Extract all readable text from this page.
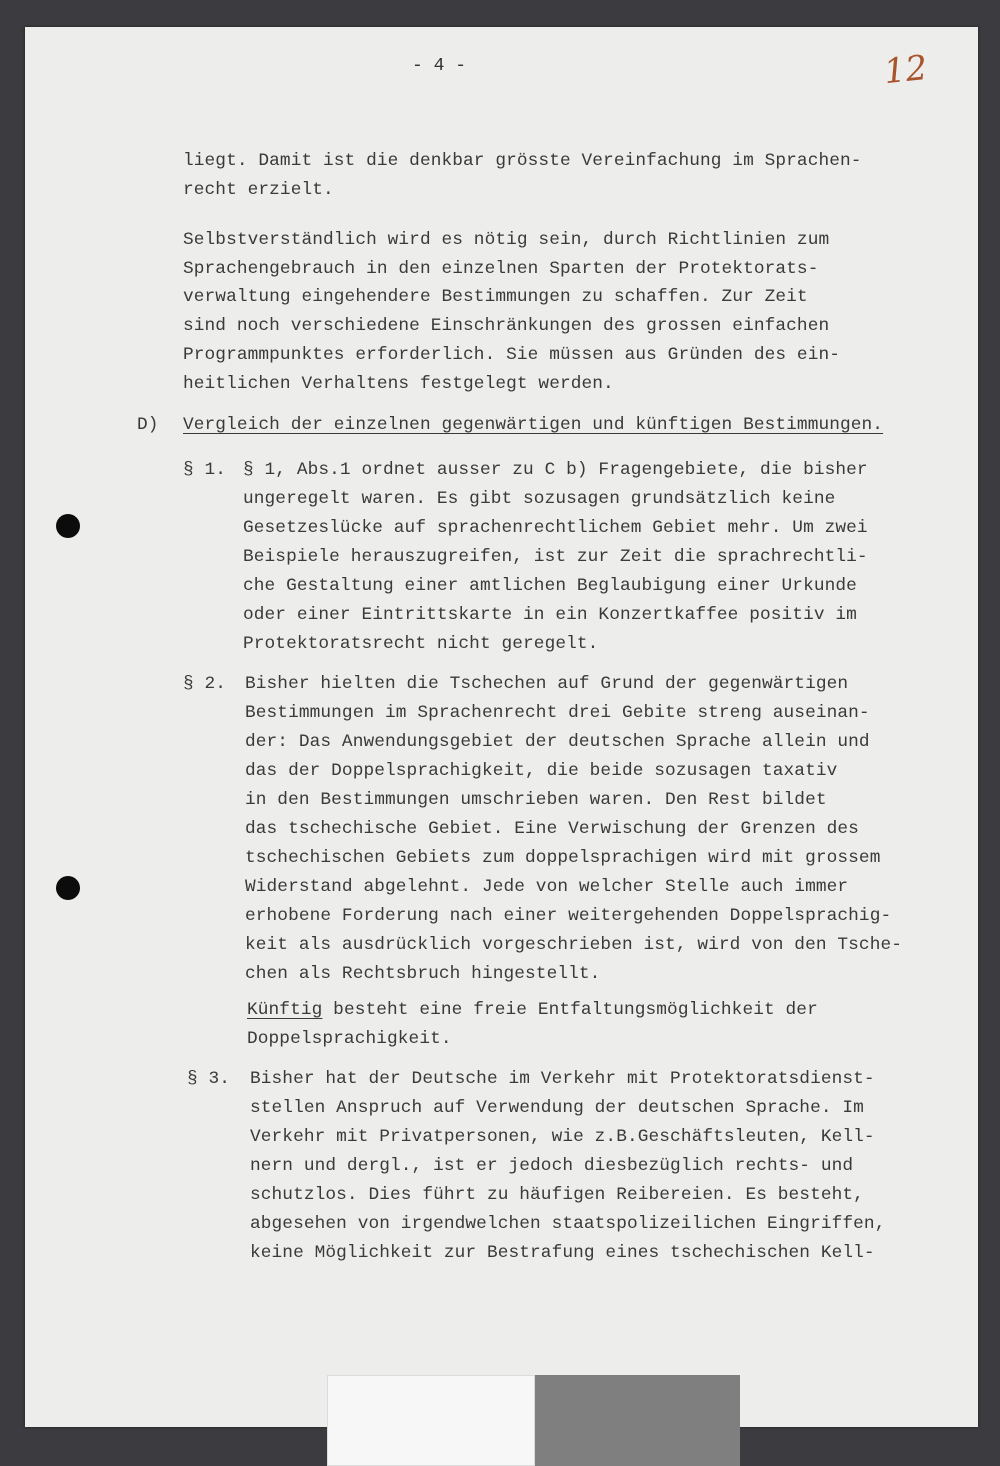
- 4 -	12
liegt. Damit ist die denkbar grösste Vereinfachung im Sprachen-
recht erzielt.
Selbstverständlich wird es nötig sein, durch Richtlinien zum
Sprachengebrauch in den einzelnen Sparten der Protektorats-
verwaltung eingehendere Bestimmungen zu schaffen. Zur Zeit
sind noch verschiedene Einschränkungen des grossen einfachen
Programmpunktes erforderlich. Sie müssen aus Gründen des ein-
heitlichen Verhaltens festgelegt werden.
D) Vergleich der einzelnen gegenwärtigen und künftigen Bestimmungen.
§ 1. § 1, Abs.1 ordnet ausser zu C b) Fragengebiete, die bisher
ungeregelt waren. Es gibt sozusagen grundsätzlich keine
Gesetzeslücke auf sprachenrechtlichem Gebiet mehr. Um zwei
Beispiele herauszugreifen, ist zur Zeit die sprachrechtli-
che Gestaltung einer amtlichen Beglaubigung einer Urkunde
oder einer Eintrittskarte in ein Konzertkaffee positiv im
Protektoratsrecht nicht geregelt.
§ 2. Bisher hielten die Tschechen auf Grund der gegenwärtigen
Bestimmungen im Sprachenrecht drei Gebite streng auseinan-
der: Das Anwendungsgebiet der deutschen Sprache allein und
das der Doppelsprachigkeit, die beide sozusagen taxativ
in den Bestimmungen umschrieben waren. Den Rest bildet
das tschechische Gebiet. Eine Verwischung der Grenzen des
tschechischen Gebiets zum doppelsprachigen wird mit grossem
Widerstand abgelehnt. Jede von welcher Stelle auch immer
erhobene Forderung nach einer weitergehenden Doppelsprachig-
keit als ausdrücklich vorgeschrieben ist, wird von den Tsche-
chen als Rechtsbruch hingestellt.
Künftig besteht eine freie Entfaltungsmöglichkeit der
Doppelsprachigkeit.
§ 3. Bisher hat der Deutsche im Verkehr mit Protektoratsdienst-
stellen Anspruch auf Verwendung der deutschen Sprache. Im
Verkehr mit Privatpersonen, wie z.B.Geschäftsleuten, Kell-
nern und dergl., ist er jedoch diesbezüglich rechts- und
schutzlos. Dies führt zu häufigen Reibereien. Es besteht,
abgesehen von irgendwelchen staatspolizeilichen Eingriffen,
keine Möglichkeit zur Bestrafung eines tschechischen Kell-
